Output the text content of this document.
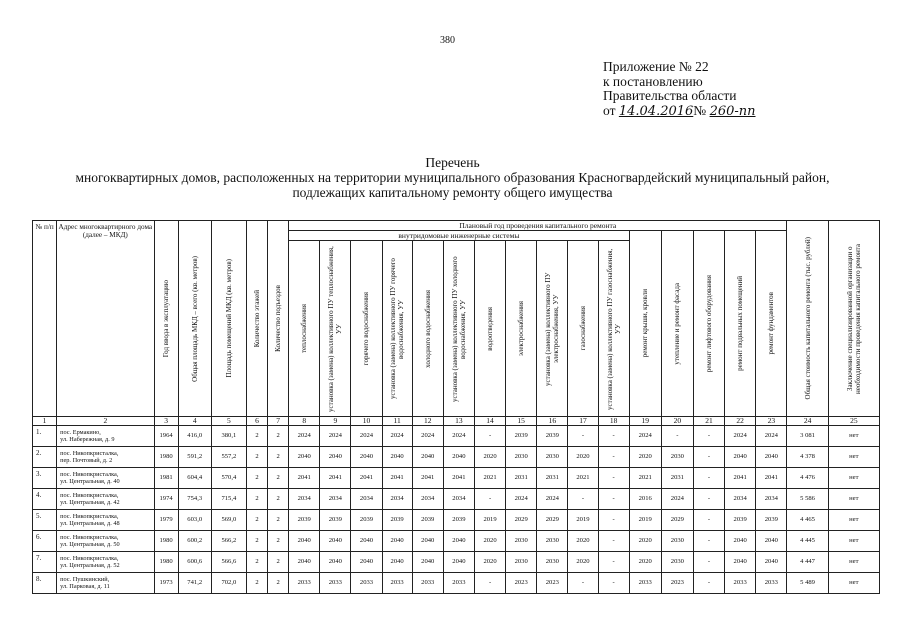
380
Приложение № 22
к постановлению
Правительства области
от 14.04.2016№ 260-пп
Перечень
многоквартирных домов, расположенных на территории муниципального образования Красногвардейский муниципальный район,
подлежащих капитальному ремонту общего имущества
№ п/п	Адрес многоквартирного дома (далее – МКД)	Год ввода в эксплуатацию	Общая площадь МКД – всего (кв. метров)	Площадь помещений МКД (кв. метров)	Количество этажей	Количество подъездов	Плановый год проведения капитального ремонта																Общая стоимость капитального ремонта (тыс. рублей)	Заключение специализированной организации о необходимости проведения капитального ремонта

							внутридомовые инженерные системы											ремонт крыши, кровли	утепление и ремонт фасада	ремонт лифтового оборудования	ремонт подвальных помещений	ремонт фундаментов		

							теплоснабжения	установка (замена) коллективного ПУ теплоснабжения, УУ	горячего водоснабжения	установка (замена) коллективного ПУ горячего водоснабжения, УУ	холодного водоснабжения	установка (замена) коллективного ПУ холодного водоснабжения, УУ	водоотведения	электроснабжения	установка (замена) коллективного ПУ электроснабжения, УУ	газоснабжения	установка (замена) коллективного ПУ газоснабжения, УУ							

1	2	3	4	5	6	7	8	9	10	11	12	13	14	15	16	17	18	19	20	21	22	23	24	25
1.	пос. Ермакино,
ул. Набережная, д. 9	1964	416,0	380,1	2	2	2024	2024	2024	2024	2024	2024	-	2039	2039	-	-	2024	-	-	2024	2024	3 081	нет
2.	пос. Никопкристалка,
пер. Почтовый, д. 2	1980	591,2	557,2	2	2	2040	2040	2040	2040	2040	2040	2020	2030	2030	2020	-	2020	2030	-	2040	2040	4 378	нет
3.	пос. Никопкристалка,
ул. Центральная, д. 40	1981	604,4	570,4	2	2	2041	2041	2041	2041	2041	2041	2021	2031	2031	2021	-	2021	2031	-	2041	2041	4 476	нет
4.	пос. Никопкристалка,
ул. Центральная, д. 42	1974	754,3	715,4	2	2	2034	2034	2034	2034	2034	2034	-	2024	2024	-	-	2016	2024	-	2034	2034	5 586	нет
5.	пос. Никопкристалка,
ул. Центральная, д. 48	1979	603,0	569,0	2	2	2039	2039	2039	2039	2039	2039	2019	2029	2029	2019	-	2019	2029	-	2039	2039	4 465	нет
6.	пос. Никопкристалка,
ул. Центральная, д. 50	1980	600,2	566,2	2	2	2040	2040	2040	2040	2040	2040	2020	2030	2030	2020	-	2020	2030	-	2040	2040	4 445	нет
7.	пос. Никопкристалка,
ул. Центральная, д. 52	1980	600,6	566,6	2	2	2040	2040	2040	2040	2040	2040	2020	2030	2030	2020	-	2020	2030	-	2040	2040	4 447	нет
8.	пос. Пушкинский,
ул. Парковая, д. 11	1973	741,2	702,0	2	2	2033	2033	2033	2033	2033	2033	-	2023	2023	-	-	2033	2023	-	2033	2033	5 489	нет
